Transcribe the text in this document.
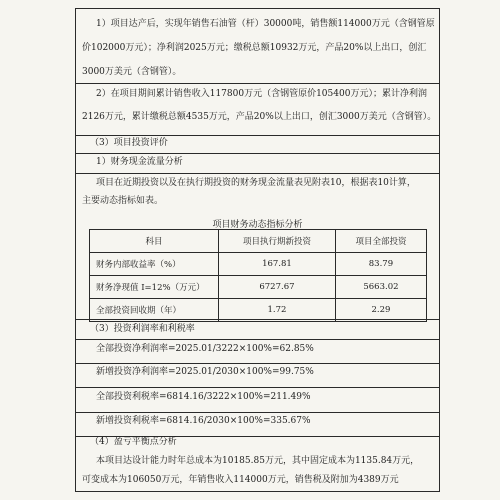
1）项目达产后，实现年销售石油管（杆）30000吨，销售额114000万元（含钢管原
价102000万元）；净利润2025万元；缴税总额10932万元，产品20%以上出口，创汇
3000万美元（含钢管）。
2）在项目期间累计销售收入117800万元（含钢管原价105400万元）；累计净利润
2126万元，累计缴税总额4535万元，产品20%以上出口，创汇3000万美元（含钢管）。
（3）项目投资评价
1）财务现金流量分析
项目在近期投资以及在执行期投资的财务现金流量表见附表10，根据表10计算，
主要动态指标如表。
项目财务动态指标分析
科目	项目执行期新投资	项目全部投资
财务内部收益率（%）	167.81	83.79
财务净现值 I=12%（万元）	6727.67	5663.02
全部投资回收期（年）	1.72	2.29
（3）投资利润率和利税率
全部投资净利润率=2025.01/3222×100%=62.85%
新增投资净利润率=2025.01/2030×100%=99.75%
全部投资利税率=6814.16/3222×100%=211.49%
新增投资利税率=6814.16/2030×100%=335.67%
（4）盈亏平衡点分析
本项目达设计能力时年总成本为10185.85万元，其中固定成本为1135.84万元，
可变成本为106050万元，年销售收入114000万元，销售税及附加为4389万元
